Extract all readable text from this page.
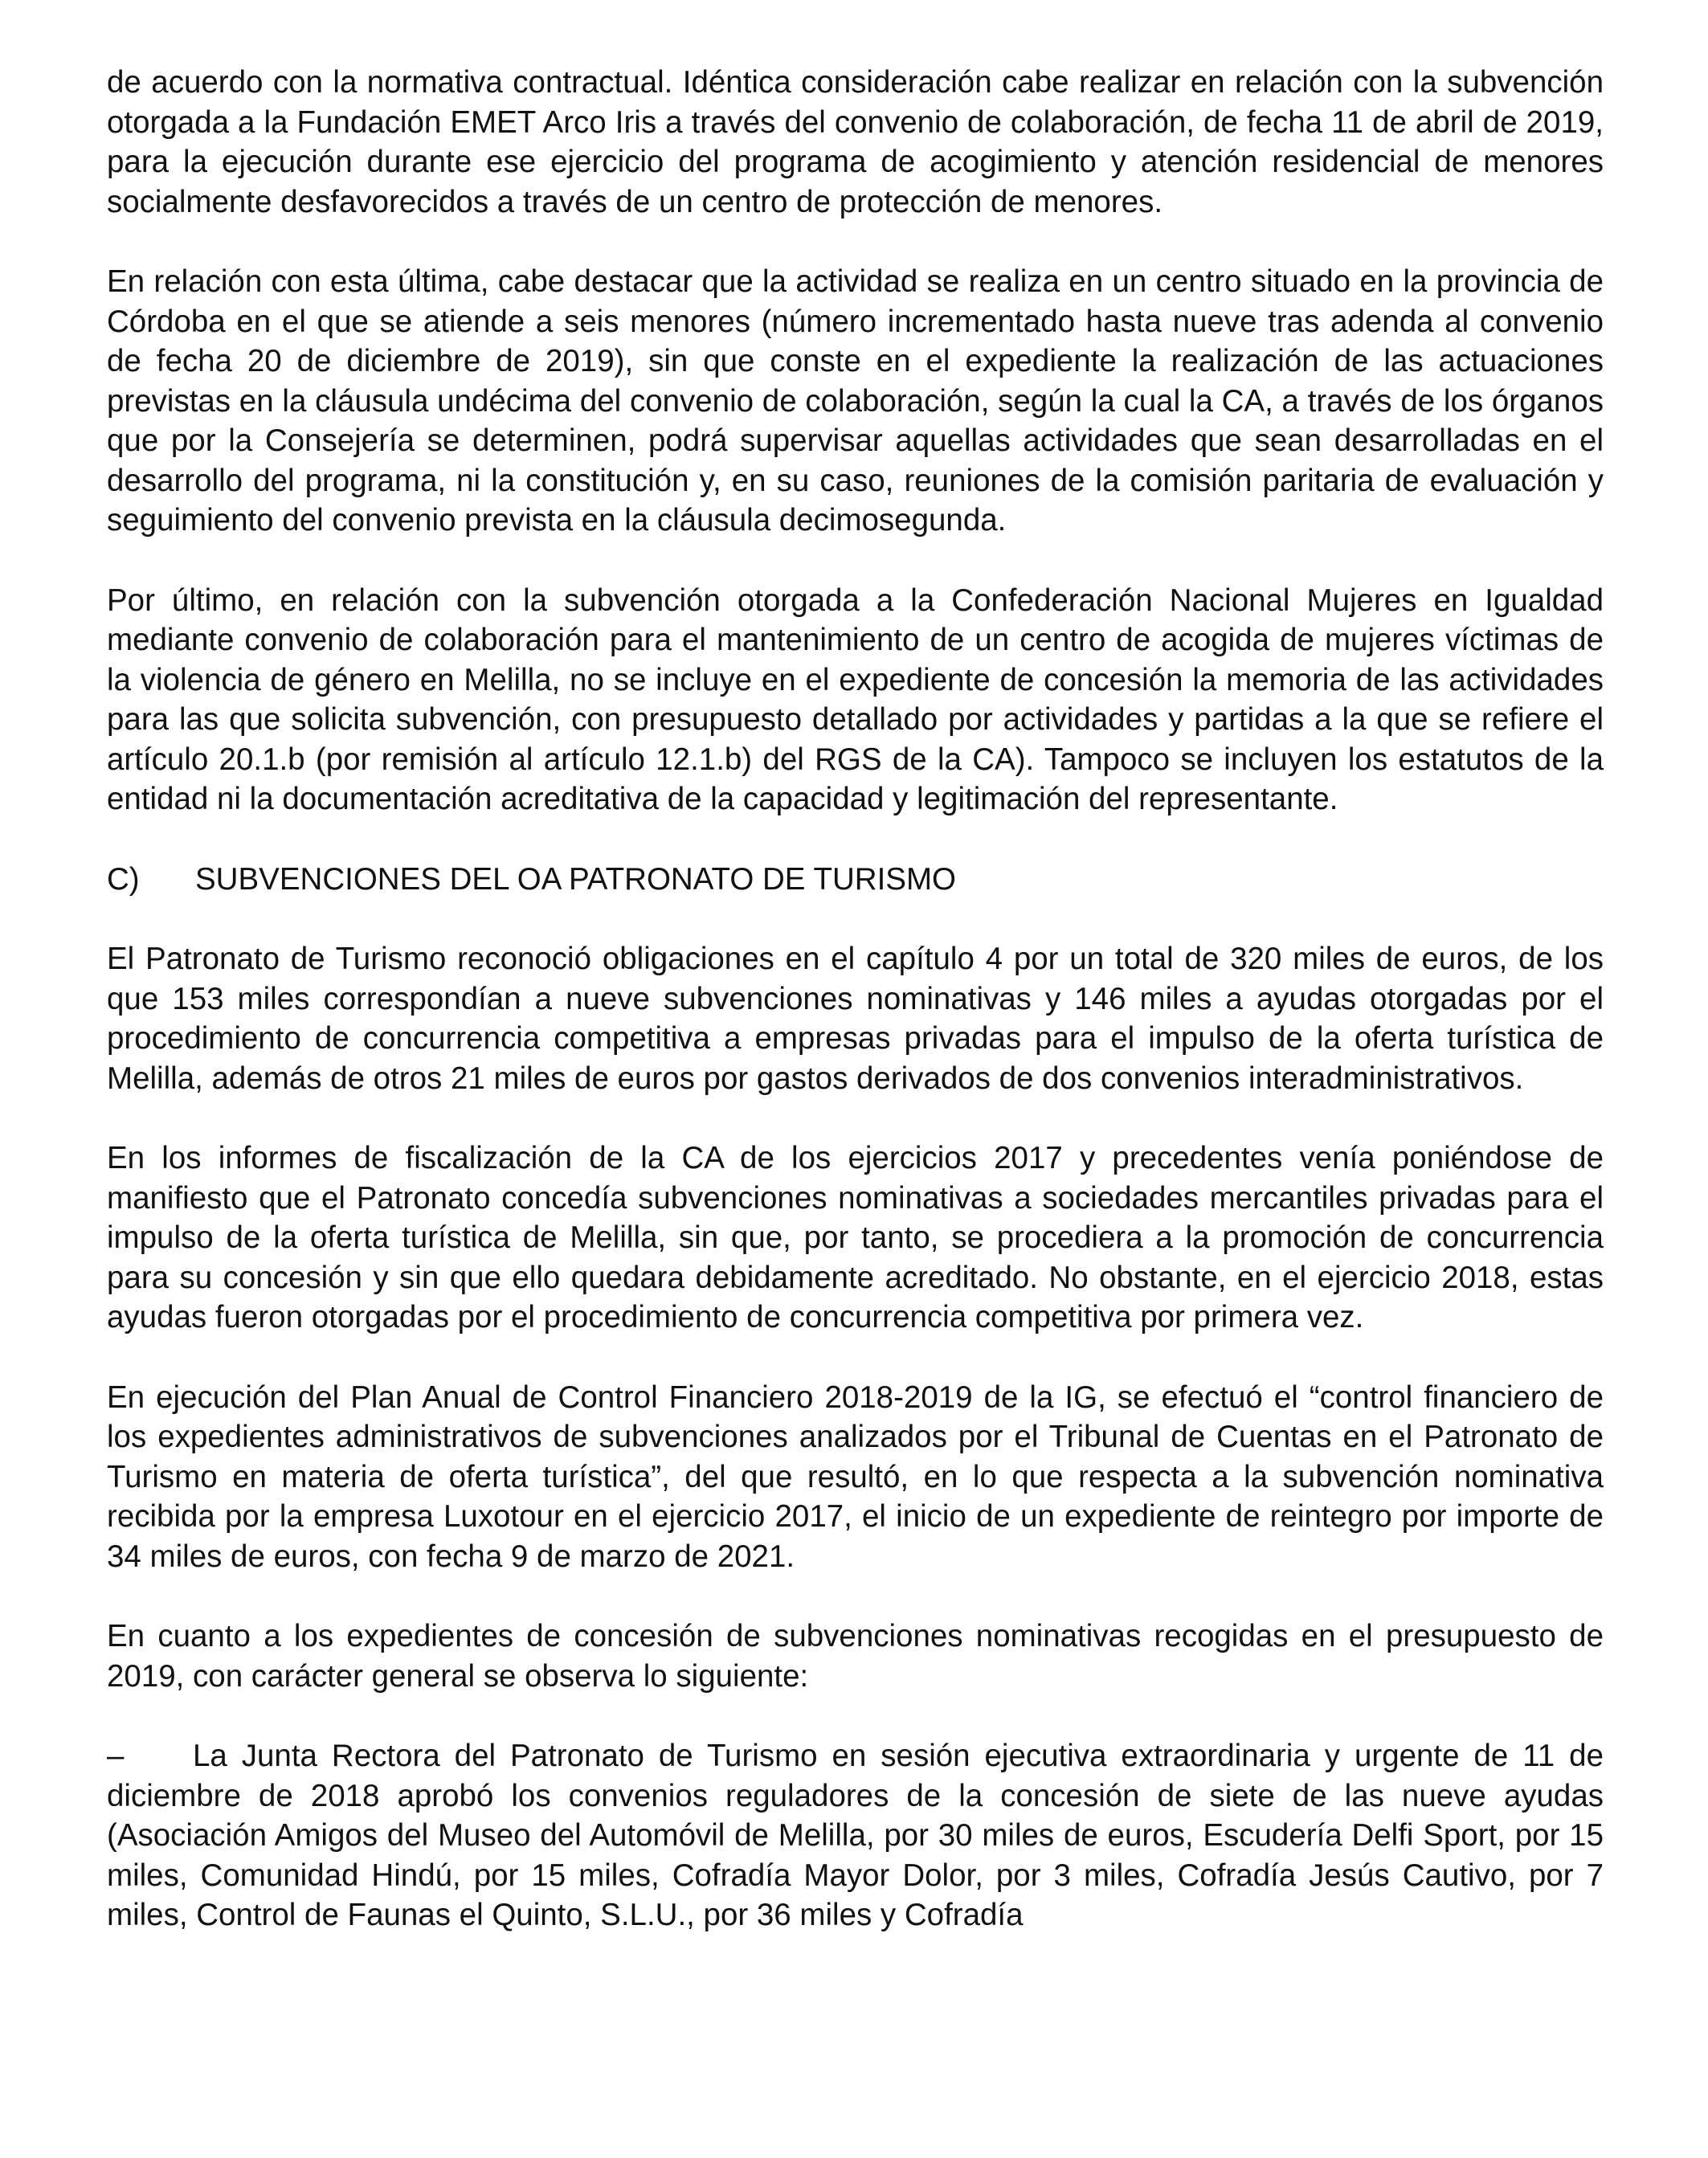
de acuerdo con la normativa contractual. Idéntica consideración cabe realizar en relación con la subvención otorgada a la Fundación EMET Arco Iris a través del convenio de colaboración, de fecha 11 de abril de 2019, para la ejecución durante ese ejercicio del programa de acogimiento y atención residencial de menores socialmente desfavorecidos a través de un centro de protección de menores.

En relación con esta última, cabe destacar que la actividad se realiza en un centro situado en la provincia de Córdoba en el que se atiende a seis menores (número incrementado hasta nueve tras adenda al convenio de fecha 20 de diciembre de 2019), sin que conste en el expediente la realización de las actuaciones previstas en la cláusula undécima del convenio de colaboración, según la cual la CA, a través de los órganos que por la Consejería se determinen, podrá supervisar aquellas actividades que sean desarrolladas en el desarrollo del programa, ni la constitución y, en su caso, reuniones de la comisión paritaria de evaluación y seguimiento del convenio prevista en la cláusula decimosegunda.

Por último, en relación con la subvención otorgada a la Confederación Nacional Mujeres en Igualdad mediante convenio de colaboración para el mantenimiento de un centro de acogida de mujeres víctimas de la violencia de género en Melilla, no se incluye en el expediente de concesión la memoria de las actividades para las que solicita subvención, con presupuesto detallado por actividades y partidas a la que se refiere el artículo 20.1.b (por remisión al artículo 12.1.b) del RGS de la CA). Tampoco se incluyen los estatutos de la entidad ni la documentación acreditativa de la capacidad y legitimación del representante.

C)	SUBVENCIONES DEL OA PATRONATO DE TURISMO

El Patronato de Turismo reconoció obligaciones en el capítulo 4 por un total de 320 miles de euros, de los que 153 miles correspondían a nueve subvenciones nominativas y 146 miles a ayudas otorgadas por el procedimiento de concurrencia competitiva a empresas privadas para el impulso de la oferta turística de Melilla, además de otros 21 miles de euros por gastos derivados de dos convenios interadministrativos.

En los informes de fiscalización de la CA de los ejercicios 2017 y precedentes venía poniéndose de manifiesto que el Patronato concedía subvenciones nominativas a sociedades mercantiles privadas para el impulso de la oferta turística de Melilla, sin que, por tanto, se procediera a la promoción de concurrencia para su concesión y sin que ello quedara debidamente acreditado. No obstante, en el ejercicio 2018, estas ayudas fueron otorgadas por el procedimiento de concurrencia competitiva por primera vez.

En ejecución del Plan Anual de Control Financiero 2018-2019 de la IG, se efectuó el “control financiero de los expedientes administrativos de subvenciones analizados por el Tribunal de Cuentas en el Patronato de Turismo en materia de oferta turística”, del que resultó, en lo que respecta a la subvención nominativa recibida por la empresa Luxotour en el ejercicio 2017, el inicio de un expediente de reintegro por importe de 34 miles de euros, con fecha 9 de marzo de 2021.

En cuanto a los expedientes de concesión de subvenciones nominativas recogidas en el presupuesto de 2019, con carácter general se observa lo siguiente:

– La Junta Rectora del Patronato de Turismo en sesión ejecutiva extraordinaria y urgente de 11 de diciembre de 2018 aprobó los convenios reguladores de la concesión de siete de las nueve ayudas (Asociación Amigos del Museo del Automóvil de Melilla, por 30 miles de euros, Escudería Delfi Sport, por 15 miles, Comunidad Hindú, por 15 miles, Cofradía Mayor Dolor, por 3 miles, Cofradía Jesús Cautivo, por 7 miles, Control de Faunas el Quinto, S.L.U., por 36 miles y Cofradía
